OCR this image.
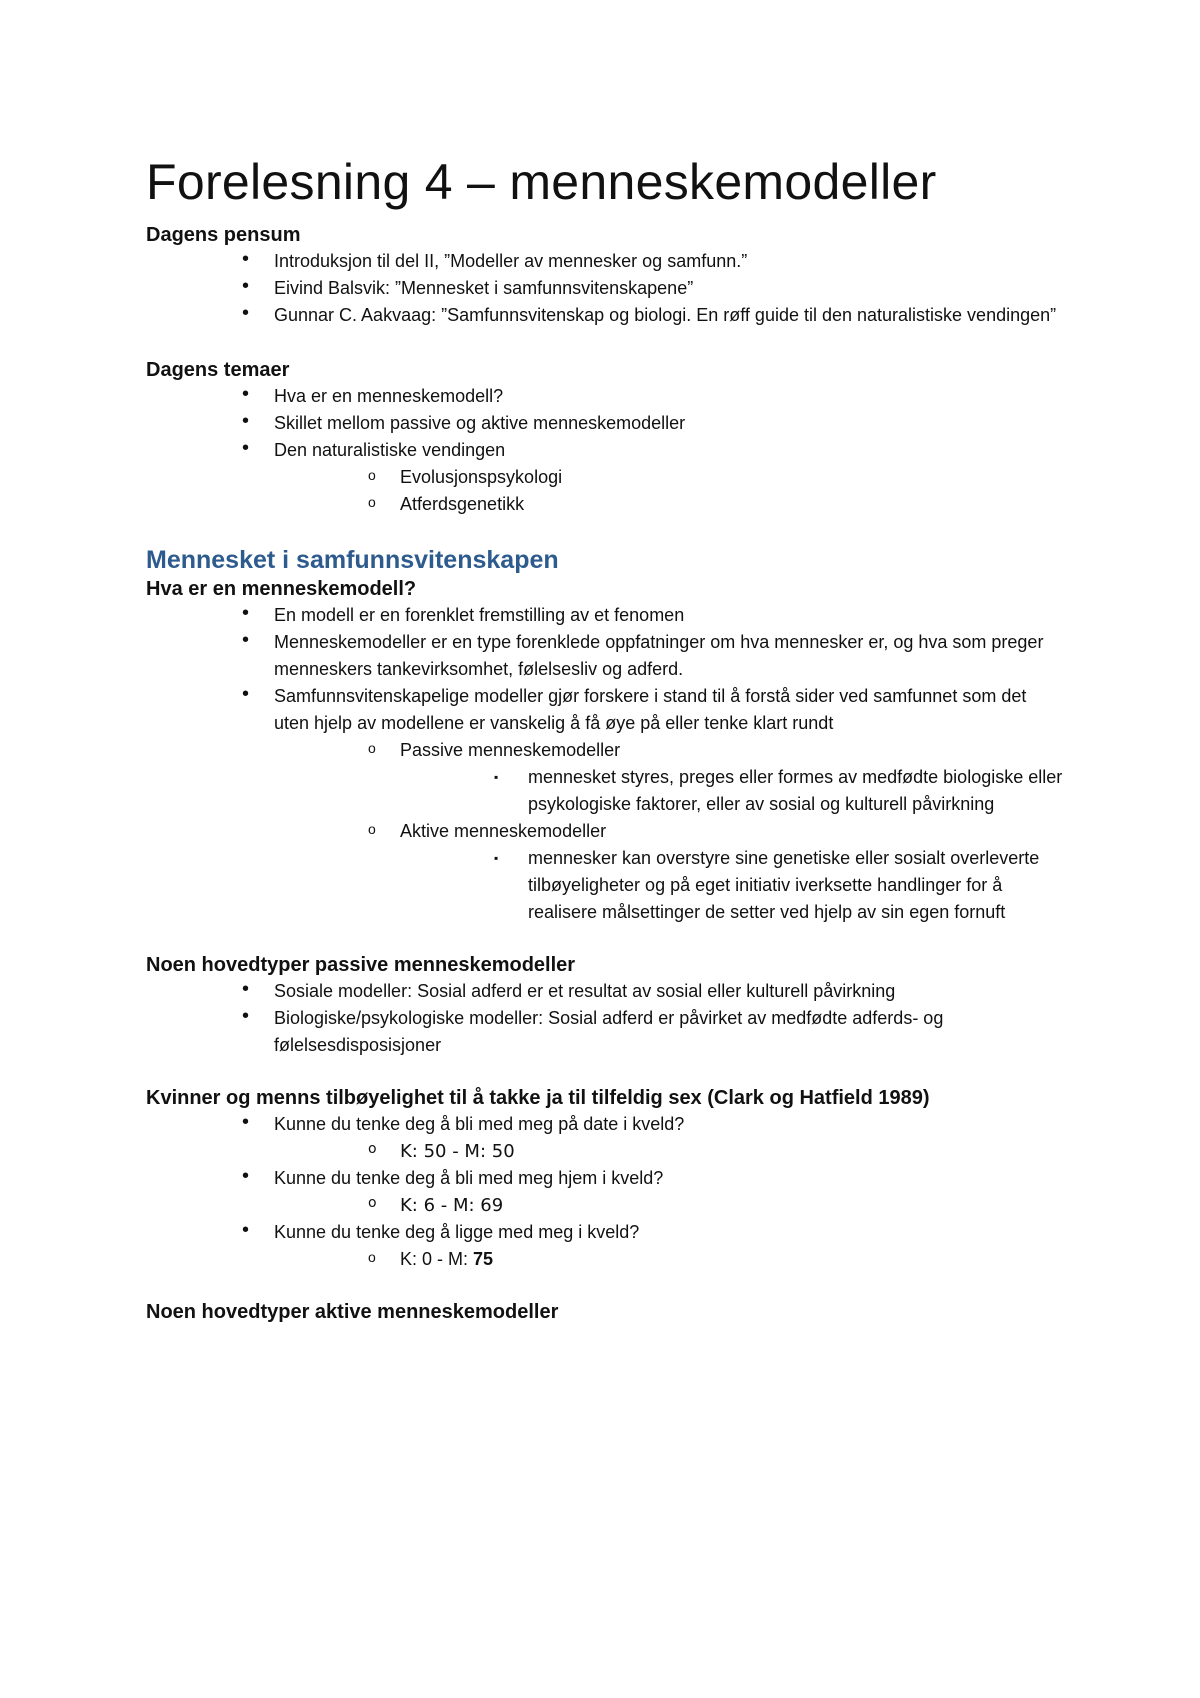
Forelesning 4 – menneskemodeller
Dagens pensum
• Introduksjon til del II, ”Modeller av mennesker og samfunn.”
• Eivind Balsvik: ”Mennesket i samfunnsvitenskapene”
• Gunnar C. Aakvaag: ”Samfunnsvitenskap og biologi. En røff guide til den naturalistiske vendingen”
Dagens temaer
• Hva er en menneskemodell?
• Skillet mellom passive og aktive menneskemodeller
• Den naturalistiske vendingen
o Evolusjonspsykologi
o Atferdsgenetikk
Mennesket i samfunnsvitenskapen
Hva er en menneskemodell?
• En modell er en forenklet fremstilling av et fenomen
• Menneskemodeller er en type forenklede oppfatninger om hva mennesker er, og hva som preger menneskers tankevirksomhet, følelsesliv og adferd.
• Samfunnsvitenskapelige modeller gjør forskere i stand til å forstå sider ved samfunnet som det uten hjelp av modellene er vanskelig å få øye på eller tenke klart rundt
o Passive menneskemodeller
▪ mennesket styres, preges eller formes av medfødte biologiske eller psykologiske faktorer, eller av sosial og kulturell påvirkning
o Aktive menneskemodeller
▪ mennesker kan overstyre sine genetiske eller sosialt overleverte tilbøyeligheter og på eget initiativ iverksette handlinger for å realisere målsettinger de setter ved hjelp av sin egen fornuft
Noen hovedtyper passive menneskemodeller
• Sosiale modeller: Sosial adferd er et resultat av sosial eller kulturell påvirkning
• Biologiske/psykologiske modeller: Sosial adferd er påvirket av medfødte adferds- og følelsesdisposisjoner
Kvinner og menns tilbøyelighet til å takke ja til tilfeldig sex (Clark og Hatfield 1989)
• Kunne du tenke deg å bli med meg på date i kveld?
o K: 50 - M: 50
• Kunne du tenke deg å bli med meg hjem i kveld?
o K: 6 - M: 69
• Kunne du tenke deg å ligge med meg i kveld?
o K: 0 - M: 75
Noen hovedtyper aktive menneskemodeller
